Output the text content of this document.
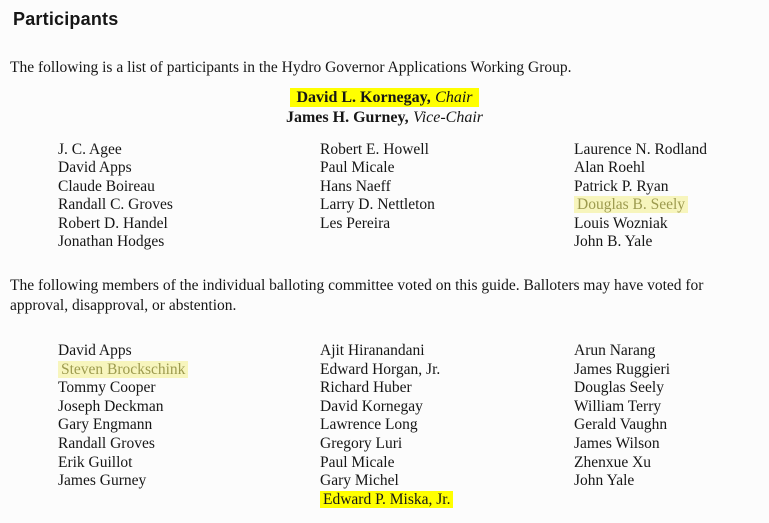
Participants

The following is a list of participants in the Hydro Governor Applications Working Group.

David L. Kornegay, Chair
James H. Gurney, Vice-Chair
J. C. Agee
David Apps
Claude Boireau
Randall C. Groves
Robert D. Handel
Jonathan Hodges
Robert E. Howell
Paul Micale
Hans Naeff
Larry D. Nettleton
Les Pereira
Laurence N. Rodland
Alan Roehl
Patrick P. Ryan
Douglas B. Seely
Louis Wozniak
John B. Yale

The following members of the individual balloting committee voted on this guide. Balloters may have voted for approval, disapproval, or abstention.

David Apps
Steven Brockschink
Tommy Cooper
Joseph Deckman
Gary Engmann
Randall Groves
Erik Guillot
James Gurney
Ajit Hiranandani
Edward Horgan, Jr.
Richard Huber
David Kornegay
Lawrence Long
Gregory Luri
Paul Micale
Gary Michel
Edward P. Miska, Jr.
Arun Narang
James Ruggieri
Douglas Seely
William Terry
Gerald Vaughn
James Wilson
Zhenxue Xu
John Yale
